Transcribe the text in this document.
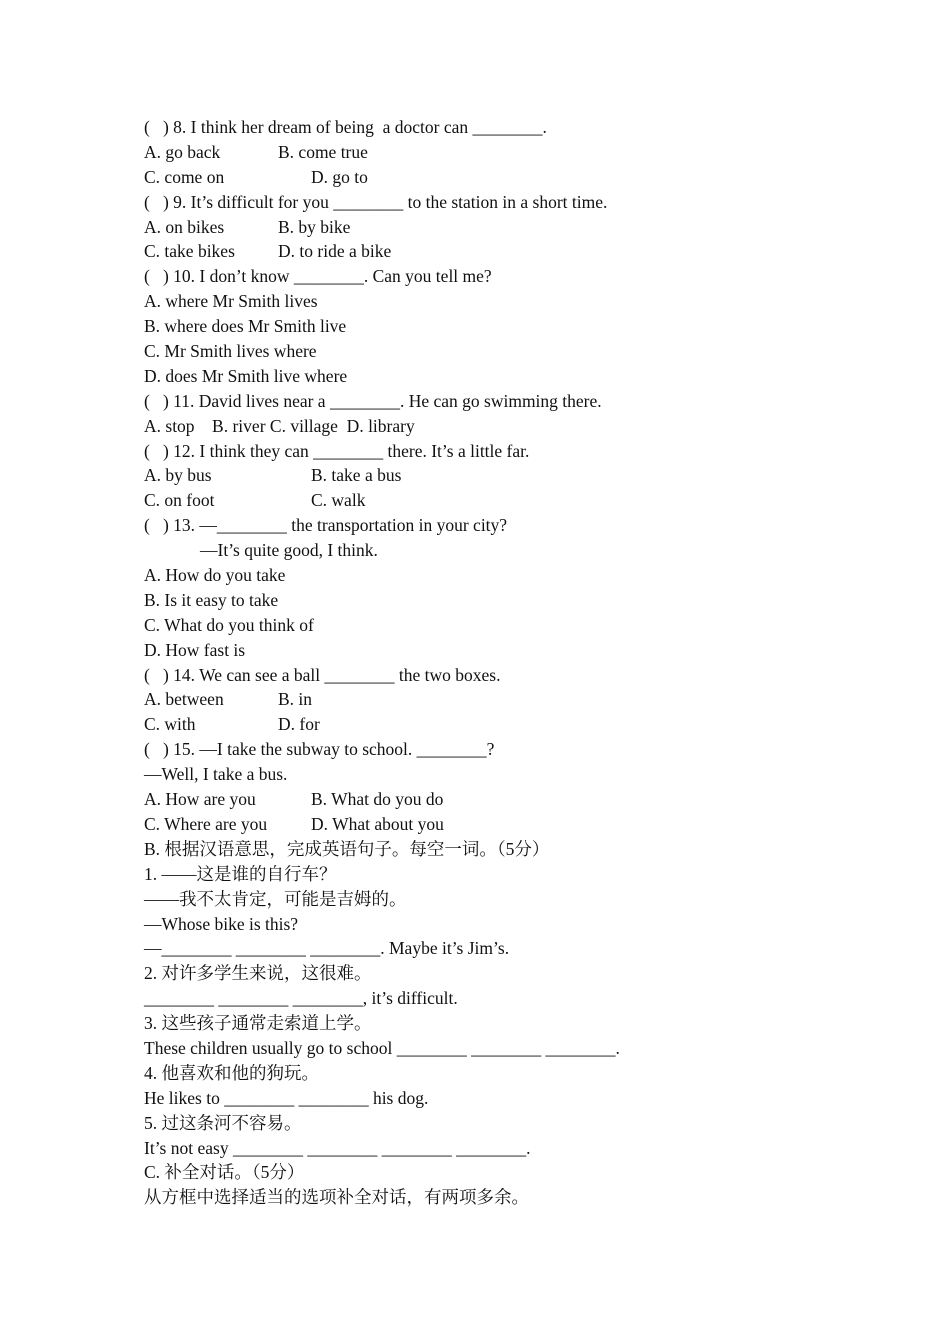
(   ) 8. I think her dream of being  a doctor can ________.
A. go back	B. come true
C. come on	D. go to
(   ) 9. It’s difficult for you ________ to the station in a short time.
A. on bikes	B. by bike
C. take bikes D. to ride a bike
(   ) 10. I don’t know ________. Can you tell me?
A. where Mr Smith lives
B. where does Mr Smith live
C. Mr Smith lives where
D. does Mr Smith live where
(   ) 11. David lives near a ________. He can go swimming there.
A. stop    B. river C. village  D. library
(   ) 12. I think they can ________ there. It’s a little far.
A. by bus	B. take a bus
C. on foot	C. walk
(   ) 13. —________ the transportation in your city?
—It’s quite good, I think.
A. How do you take
B. Is it easy to take
C. What do you think of
D. How fast is
(   ) 14. We can see a ball ________ the two boxes.
A. between	B. in
C. with	D. for
(   ) 15. —I take the subway to school. ________?
—Well, I take a bus.
A. How are you	B. What do you do
C. Where are you	D. What about you
B. 根据汉语意思，完成英语句子。每空一词。（5分）
1. ——这是谁的自行车？
——我不太肯定，可能是吉姆的。
—Whose bike is this?
—________ ________ ________. Maybe it’s Jim’s.
2. 对许多学生来说，这很难。
________ ________ ________, it’s difficult.
3. 这些孩子通常走索道上学。
These children usually go to school ________ ________ ________.
4. 他喜欢和他的狗玩。
He likes to ________ ________ his dog.
5. 过这条河不容易。
It’s not easy ________ ________ ________ ________.
C. 补全对话。（5分）
从方框中选择适当的选项补全对话，有两项多余。
